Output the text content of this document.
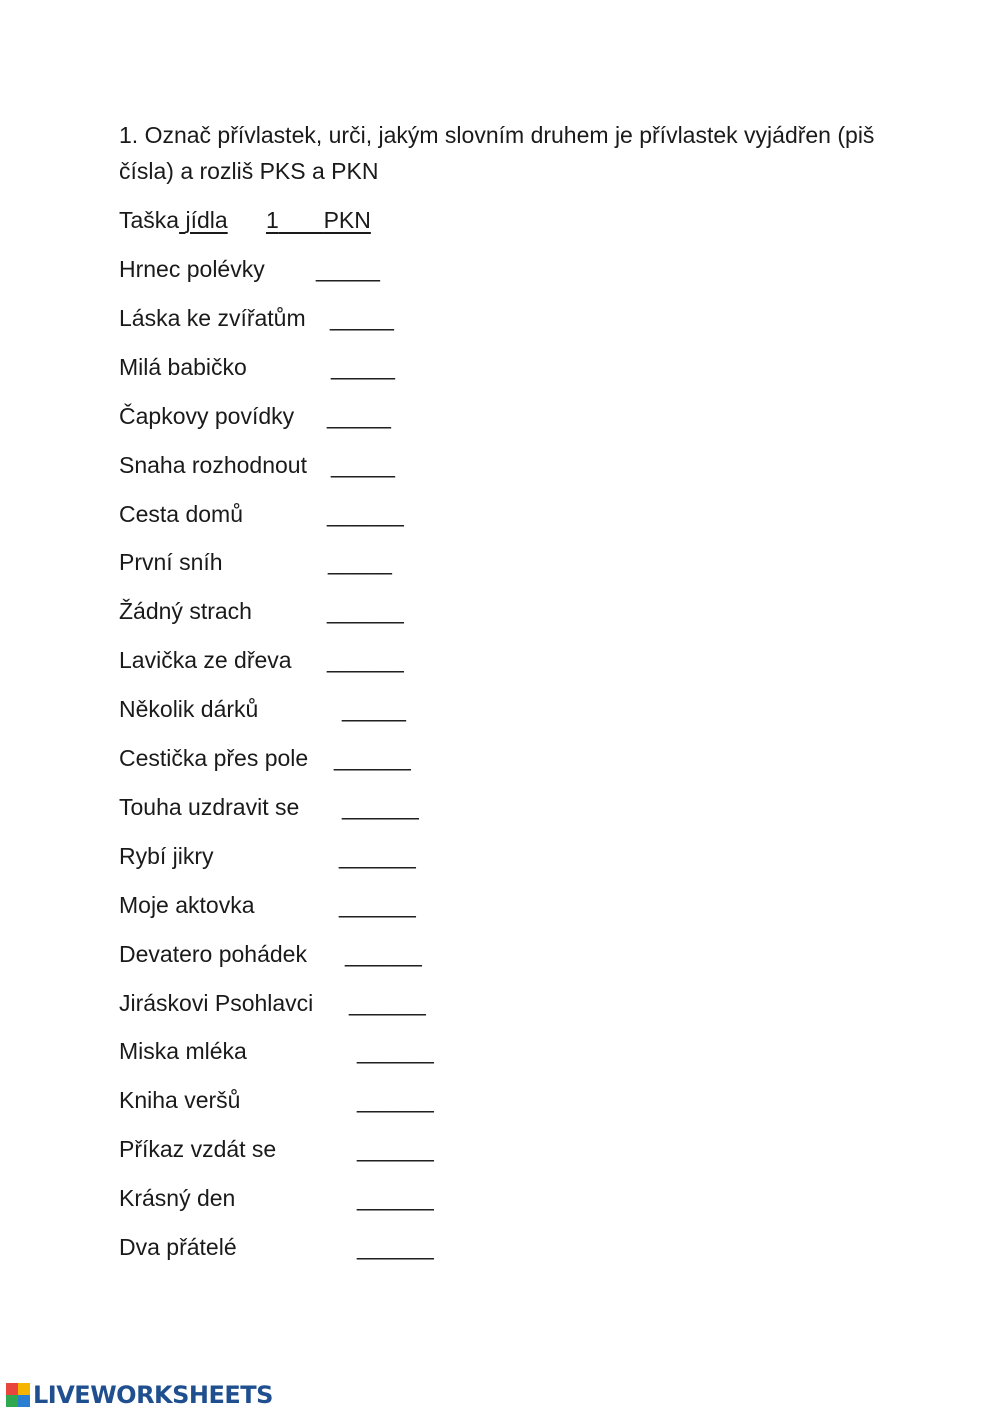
1. Označ přívlastek, urči, jakým slovním druhem je přívlastek vyjádřen (piš čísla) a rozliš PKS a PKN
Taška jídla 1 PKN
Hrnec polévky _____
Láska ke zvířatům _____
Milá babičko	_____
Čapkovy povídky _____
Snaha rozhodnout _____
Cesta domů	______
První sníh	_____
Žádný strach	______
Lavička ze dřeva ______
Několik dárků	_____
Cestička přes pole ______
Touha uzdravit se ______
Rybí jikry	______
Moje aktovka	______
Devatero pohádek ______
Jiráskovi Psohlavci ______
Miska mléka	______
Kniha veršů	______
Příkaz vzdát se	______
Krásný den	______
Dva přátelé	______
LIVEWORKSHEETS
